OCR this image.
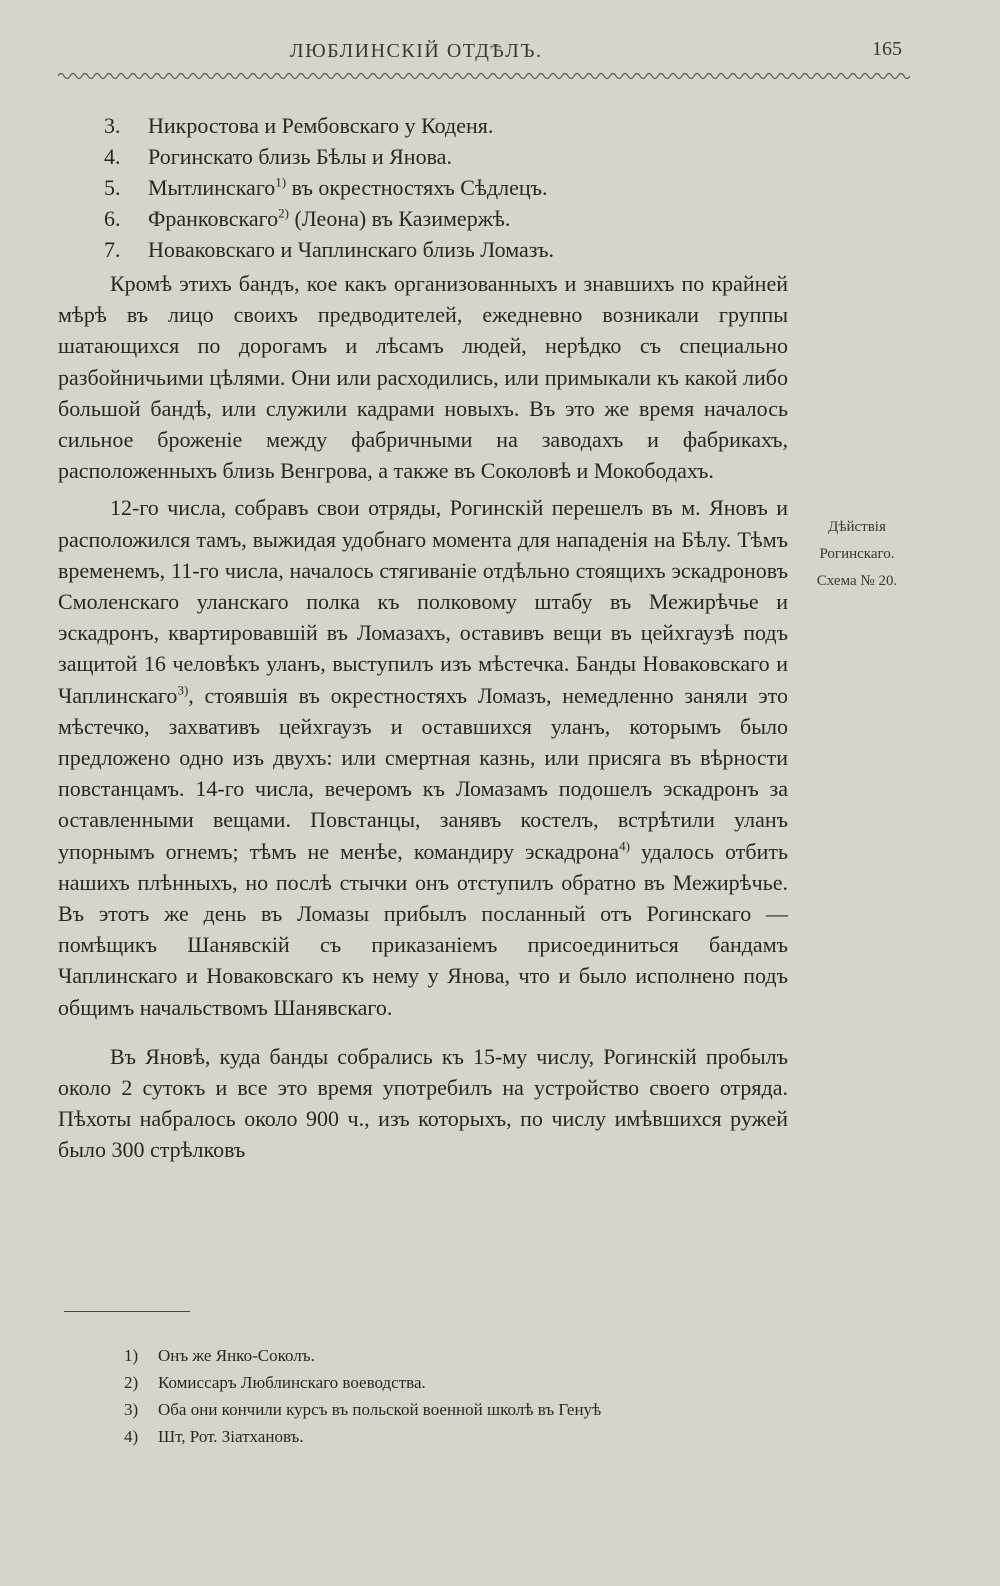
ЛЮБЛИНСКІЙ ОТДѢЛЪ.	165
3. Никростова и Рембовскаго у Коденя.
4. Рогинскато близь Бѣлы и Янова.
5. Мытлинскаго$^{1)}$ въ окрестностяхъ Сѣдлецъ.
6. Франковскаго$^{2)}$ (Леона) въ Казимержѣ.
7. Новаковскаго и Чаплинскаго близь Ломазъ.

Кромѣ этихъ бандъ, кое какъ организованныхъ и знавшихъ по крайней мѣрѣ въ лицо своихъ предводителей, ежедневно возникали группы шатающихся по дорогамъ и лѣсамъ людей, нерѣдко съ специально разбойничьими цѣлями. Они или расходились, или примыкали къ какой либо большой бандѣ, или служили кадрами новыхъ. Въ это же время началось сильное броженіе между фабричными на заводахъ и фабрикахъ, расположенныхъ близь Венгрова, а также въ Соколовѣ и Мокободахъ.

12-го числа, собравъ свои отряды, Рогинскій перешелъ въ м. Яновъ и расположился тамъ, выжидая удобнаго момента для нападенія на Бѣлу. Тѣмъ временемъ, 11-го числа, началось стягиваніе отдѣльно стоящихъ эскадроновъ Смоленскаго уланскаго полка къ полковому штабу въ Межирѣчье и эскадронъ, квартировавшій въ Ломазахъ, оставивъ вещи въ цейхгаузѣ подъ защитой 16 человѣкъ уланъ, выступилъ изъ мѣстечка. Банды Новаковскаго и Чаплинскаго$^{3)}$, стоявшія въ окрестностяхъ Ломазъ, немедленно заняли это мѣстечко, захвативъ цейхгаузъ и оставшихся уланъ, которымъ было предложено одно изъ двухъ: или смертная казнь, или присяга въ вѣрности повстанцамъ. 14-го числа, вечеромъ къ Ломазамъ подошелъ эскадронъ за оставленными вещами. Повстанцы, занявъ костелъ, встрѣтили уланъ упорнымъ огнемъ; тѣмъ не менѣе, командиру эскадрона$^{4)}$ удалось отбить нашихъ плѣнныхъ, но послѣ стычки онъ отступилъ обратно въ Межирѣчье. Въ этотъ же день въ Ломазы прибылъ посланный отъ Рогинскаго — помѣщикъ Шанявскій съ приказаніемъ присоединиться бандамъ Чаплинскаго и Новаковскаго къ нему у Янова, что и было исполнено подъ общимъ начальствомъ Шанявскаго.

Въ Яновѣ, куда банды собрались къ 15-му числу, Рогинскій пробылъ около 2 сутокъ и все это время употребилъ на устройство своего отряда. Пѣхоты набралось около 900 ч., изъ которыхъ, по числу имѣвшихся ружей было 300 стрѣлковъ

Дѣйствія
Рогинскаго.
Схема № 20.
1) Онъ же Янко-Соколъ.
2) Комиссаръ Люблинскаго воеводства.
3) Оба они кончили курсъ въ польской военной школѣ въ Генуѣ
4) Шт, Рот. Зіатхановъ.
